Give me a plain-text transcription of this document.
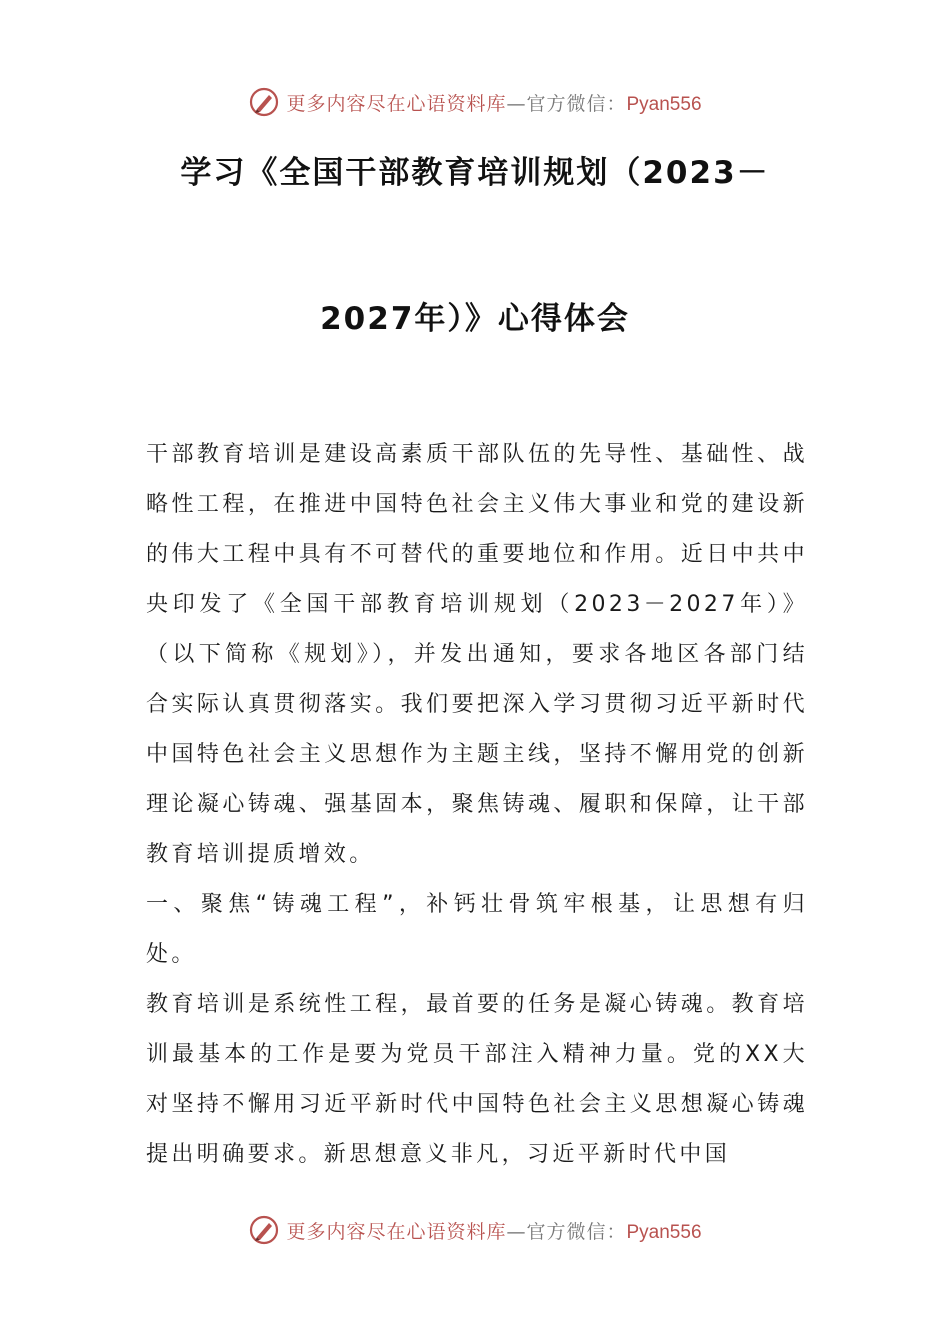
更多内容尽在心语资料库—官方微信：Pyan556
学习《全国干部教育培训规划（2023－
2027年）》心得体会

干部教育培训是建设高素质干部队伍的先导性、基础性、战略性工程，在推进中国特色社会主义伟大事业和党的建设新的伟大工程中具有不可替代的重要地位和作用。近日中共中央印发了《全国干部教育培训规划（2023－2027年）》（以下简称《规划》），并发出通知，要求各地区各部门结合实际认真贯彻落实。我们要把深入学习贯彻习近平新时代中国特色社会主义思想作为主题主线，坚持不懈用党的创新理论凝心铸魂、强基固本，聚焦铸魂、履职和保障，让干部教育培训提质增效。

一、聚焦“铸魂工程”，补钙壮骨筑牢根基，让思想有归处。

教育培训是系统性工程，最首要的任务是凝心铸魂。教育培训最基本的工作是要为党员干部注入精神力量。党的XX大对坚持不懈用习近平新时代中国特色社会主义思想凝心铸魂提出明确要求。新思想意义非凡，习近平新时代中国

更多内容尽在心语资料库—官方微信：Pyan556
